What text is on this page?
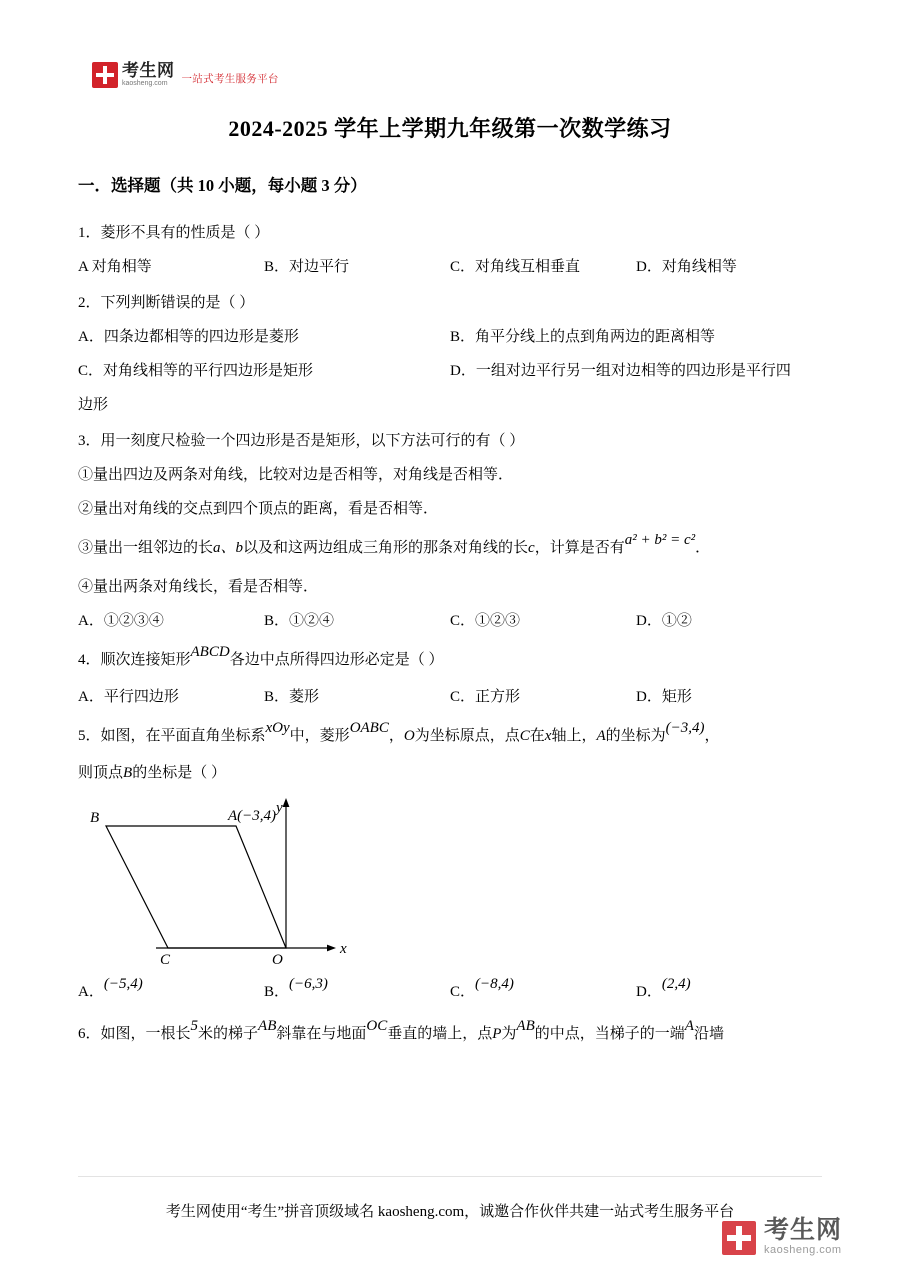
考生网
kaosheng.com	一站式考生服务平台
2024-2025 学年上学期九年级第一次数学练习
一．选择题（共 10 小题，每小题 3 分）
1．菱形不具有的性质是（ ）
A 对角相等	B．对边平行	C．对角线互相垂直	D．对角线相等
2．下列判断错误的是（ ）
A．四条边都相等的四边形是菱形	B．角平分线上的点到角两边的距离相等
C．对角线相等的平行四边形是矩形	D．一组对边平行另一组对边相等的四边形是平行四
边形
3．用一刻度尺检验一个四边形是否是矩形，以下方法可行的有（ ）
①量出四边及两条对角线，比较对边是否相等，对角线是否相等．
②量出对角线的交点到四个顶点的距离，看是否相等．
③量出一组邻边的长a、b以及和这两边组成三角形的那条对角线的长c，计算是否有a² + b² = c²．
④量出两条对角线长，看是否相等．
A．①②③④	B．①②④	C．①②③	D．①②
4．顺次连接矩形ABCD各边中点所得四边形必定是（ ）
A．平行四边形	B．菱形	C．正方形	D．矩形
5．如图，在平面直角坐标系xOy中，菱形OABC，O为坐标原点，点C在x轴上，A的坐标为(−3,4)，
则顶点B的坐标是（ ）
y
x
O
C
B	A(−3,4)
A．(−5,4)	B．(−6,3)	C．(−8,4)	D．(2,4)
6．如图，一根长5米的梯子AB斜靠在与地面OC垂直的墙上，点P为AB的中点，当梯子的一端A沿墙
考生网使用“考生”拼音顶级域名 kaosheng.com，诚邀合作伙伴共建一站式考生服务平台
考生网
kaosheng.com
